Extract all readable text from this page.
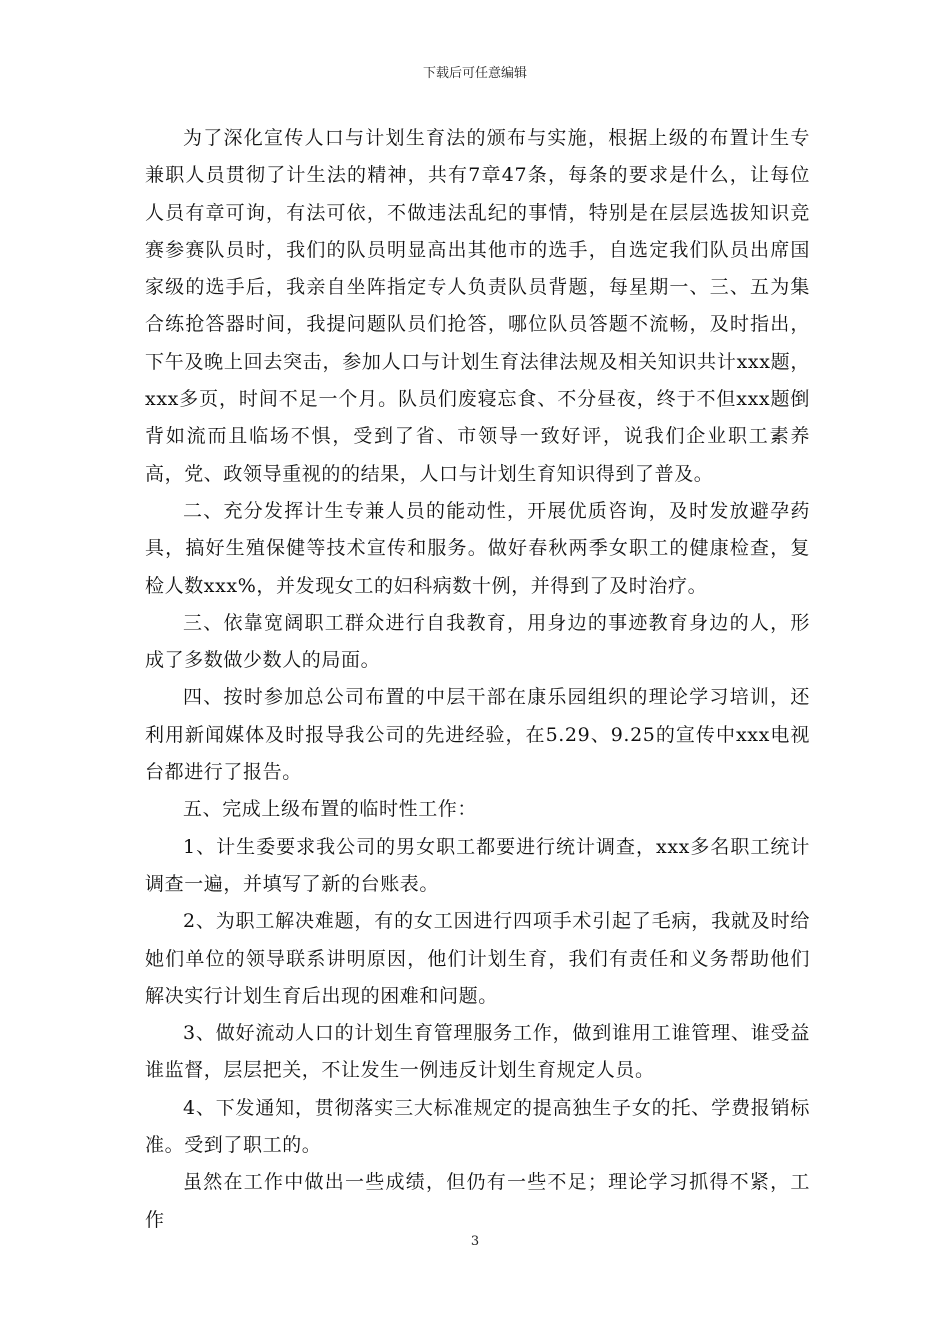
下载后可任意编辑

为了深化宣传人口与计划生育法的颁布与实施，根据上级的布置计生专兼职人员贯彻了计生法的精神，共有7章47条，每条的要求是什么，让每位人员有章可询，有法可依，不做违法乱纪的事情，特别是在层层选拔知识竞赛参赛队员时，我们的队员明显高出其他市的选手，自选定我们队员出席国家级的选手后，我亲自坐阵指定专人负责队员背题，每星期一、三、五为集合练抢答器时间，我提问题队员们抢答，哪位队员答题不流畅，及时指出，下午及晚上回去突击，参加人口与计划生育法律法规及相关知识共计xxx题，xxx多页，时间不足一个月。队员们废寝忘食、不分昼夜，终于不但xxx题倒背如流而且临场不惧，受到了省、市领导一致好评，说我们企业职工素养高，党、政领导重视的的结果，人口与计划生育知识得到了普及。

二、充分发挥计生专兼人员的能动性，开展优质咨询，及时发放避孕药具，搞好生殖保健等技术宣传和服务。做好春秋两季女职工的健康检查，复检人数xxx%，并发现女工的妇科病数十例，并得到了及时治疗。

三、依靠宽阔职工群众进行自我教育，用身边的事迹教育身边的人，形成了多数做少数人的局面。

四、按时参加总公司布置的中层干部在康乐园组织的理论学习培训，还利用新闻媒体及时报导我公司的先进经验，在5.29、9.25的宣传中xxx电视台都进行了报告。

五、完成上级布置的临时性工作：

1、计生委要求我公司的男女职工都要进行统计调查，xxx多名职工统计调查一遍，并填写了新的台账表。

2、为职工解决难题，有的女工因进行四项手术引起了毛病，我就及时给她们单位的领导联系讲明原因，他们计划生育，我们有责任和义务帮助他们解决实行计划生育后出现的困难和问题。

3、做好流动人口的计划生育管理服务工作，做到谁用工谁管理、谁受益谁监督，层层把关，不让发生一例违反计划生育规定人员。

4、下发通知，贯彻落实三大标准规定的提高独生子女的托、学费报销标准。受到了职工的。

虽然在工作中做出一些成绩，但仍有一些不足；理论学习抓得不紧，工作

3
